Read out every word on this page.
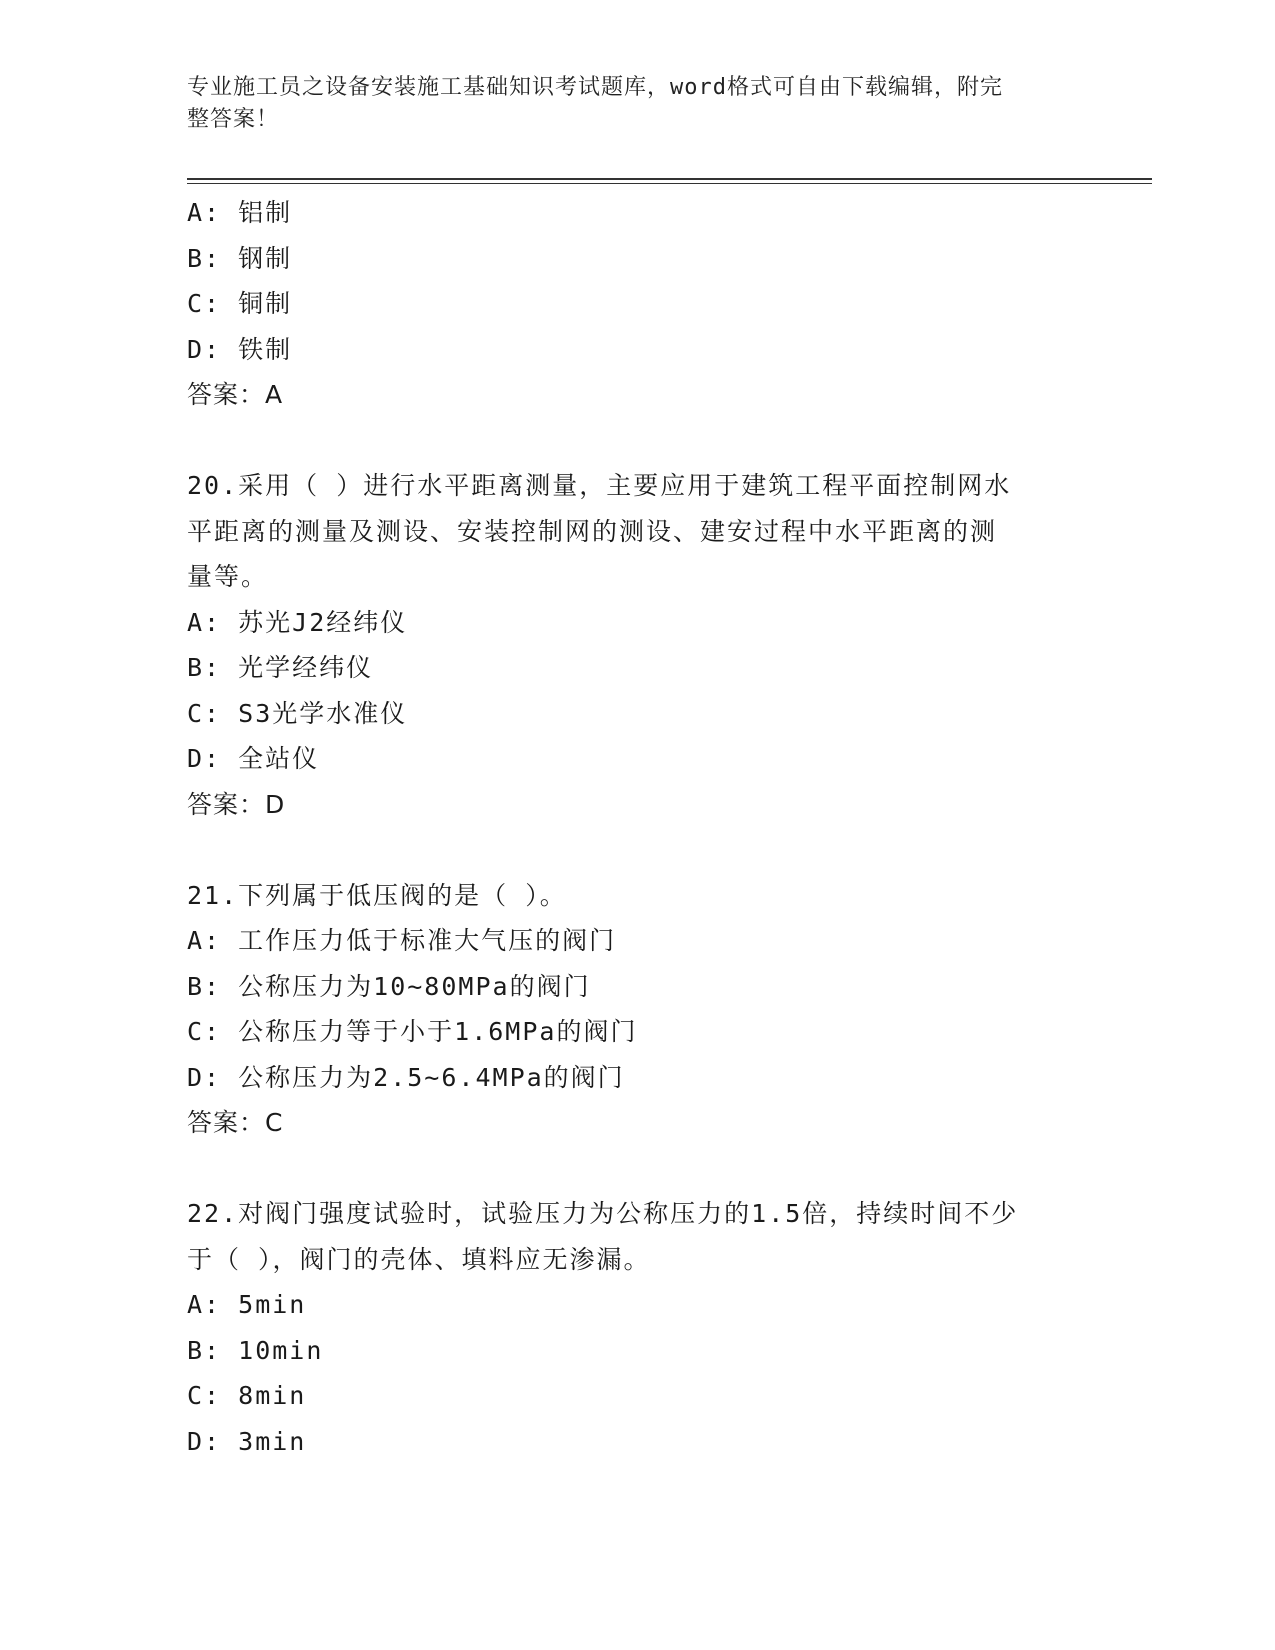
专业施工员之设备安装施工基础知识考试题库，word格式可自由下载编辑，附完
整答案！
A: 铝制
B: 钢制
C: 铜制
D: 铁制
答案：A
20.采用（ ）进行水平距离测量，主要应用于建筑工程平面控制网水
平距离的测量及测设、安装控制网的测设、建安过程中水平距离的测
量等。
A: 苏光J2经纬仪
B: 光学经纬仪
C: S3光学水准仪
D: 全站仪
答案：D
21.下列属于低压阀的是（ ）。
A: 工作压力低于标准大气压的阀门
B: 公称压力为10~80MPa的阀门
C: 公称压力等于小于1.6MPa的阀门
D: 公称压力为2.5~6.4MPa的阀门
答案：C
22.对阀门强度试验时，试验压力为公称压力的1.5倍，持续时间不少
于（ ），阀门的壳体、填料应无渗漏。
A: 5min
B: 10min
C: 8min
D: 3min
